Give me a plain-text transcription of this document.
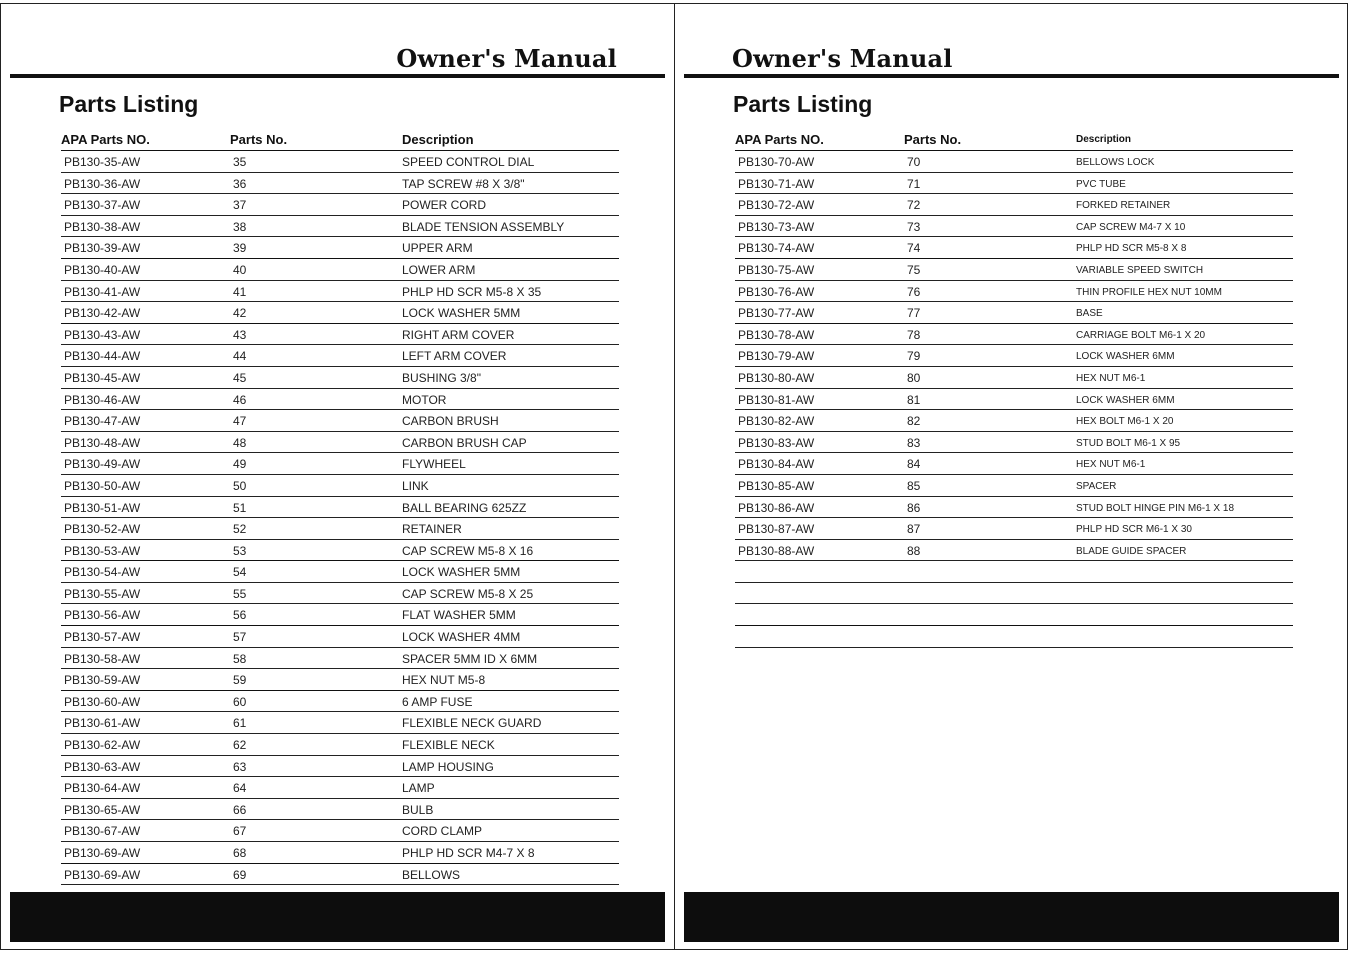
Owner's Manual
Parts Listing
APA Parts NO.	Parts No.	Description
PB130-35-AW	35	SPEED CONTROL DIAL
PB130-36-AW	36	TAP SCREW #8 X 3/8"
PB130-37-AW	37	POWER CORD
PB130-38-AW	38	BLADE TENSION ASSEMBLY
PB130-39-AW	39	UPPER ARM
PB130-40-AW	40	LOWER ARM
PB130-41-AW	41	PHLP HD SCR M5-8 X 35
PB130-42-AW	42	LOCK WASHER 5MM
PB130-43-AW	43	RIGHT ARM COVER
PB130-44-AW	44	LEFT ARM COVER
PB130-45-AW	45	BUSHING 3/8"
PB130-46-AW	46	MOTOR
PB130-47-AW	47	CARBON BRUSH
PB130-48-AW	48	CARBON BRUSH CAP
PB130-49-AW	49	FLYWHEEL
PB130-50-AW	50	LINK
PB130-51-AW	51	BALL BEARING 625ZZ
PB130-52-AW	52	RETAINER
PB130-53-AW	53	CAP SCREW M5-8 X 16
PB130-54-AW	54	LOCK WASHER 5MM
PB130-55-AW	55	CAP SCREW M5-8 X 25
PB130-56-AW	56	FLAT WASHER 5MM
PB130-57-AW	57	LOCK WASHER 4MM
PB130-58-AW	58	SPACER 5MM ID X 6MM
PB130-59-AW	59	HEX NUT M5-8
PB130-60-AW	60	6 AMP FUSE
PB130-61-AW	61	FLEXIBLE NECK GUARD
PB130-62-AW	62	FLEXIBLE NECK
PB130-63-AW	63	LAMP HOUSING
PB130-64-AW	64	LAMP
PB130-65-AW	66	BULB
PB130-67-AW	67	CORD CLAMP
PB130-69-AW	68	PHLP HD SCR M4-7 X 8
PB130-69-AW	69	BELLOWS
Owner's Manual
Parts Listing
APA Parts NO.	Parts No.	Description
PB130-70-AW	70	BELLOWS LOCK
PB130-71-AW	71	PVC TUBE
PB130-72-AW	72	FORKED RETAINER
PB130-73-AW	73	CAP SCREW M4-7 X 10
PB130-74-AW	74	PHLP HD SCR M5-8 X 8
PB130-75-AW	75	VARIABLE SPEED SWITCH
PB130-76-AW	76	THIN PROFILE HEX NUT 10MM
PB130-77-AW	77	BASE
PB130-78-AW	78	CARRIAGE BOLT M6-1 X 20
PB130-79-AW	79	LOCK WASHER 6MM
PB130-80-AW	80	HEX NUT M6-1
PB130-81-AW	81	LOCK WASHER 6MM
PB130-82-AW	82	HEX BOLT M6-1 X 20
PB130-83-AW	83	STUD BOLT M6-1 X 95
PB130-84-AW	84	HEX NUT M6-1
PB130-85-AW	85	SPACER
PB130-86-AW	86	STUD BOLT HINGE PIN M6-1 X 18
PB130-87-AW	87	PHLP HD SCR M6-1 X 30
PB130-88-AW	88	BLADE GUIDE SPACER
